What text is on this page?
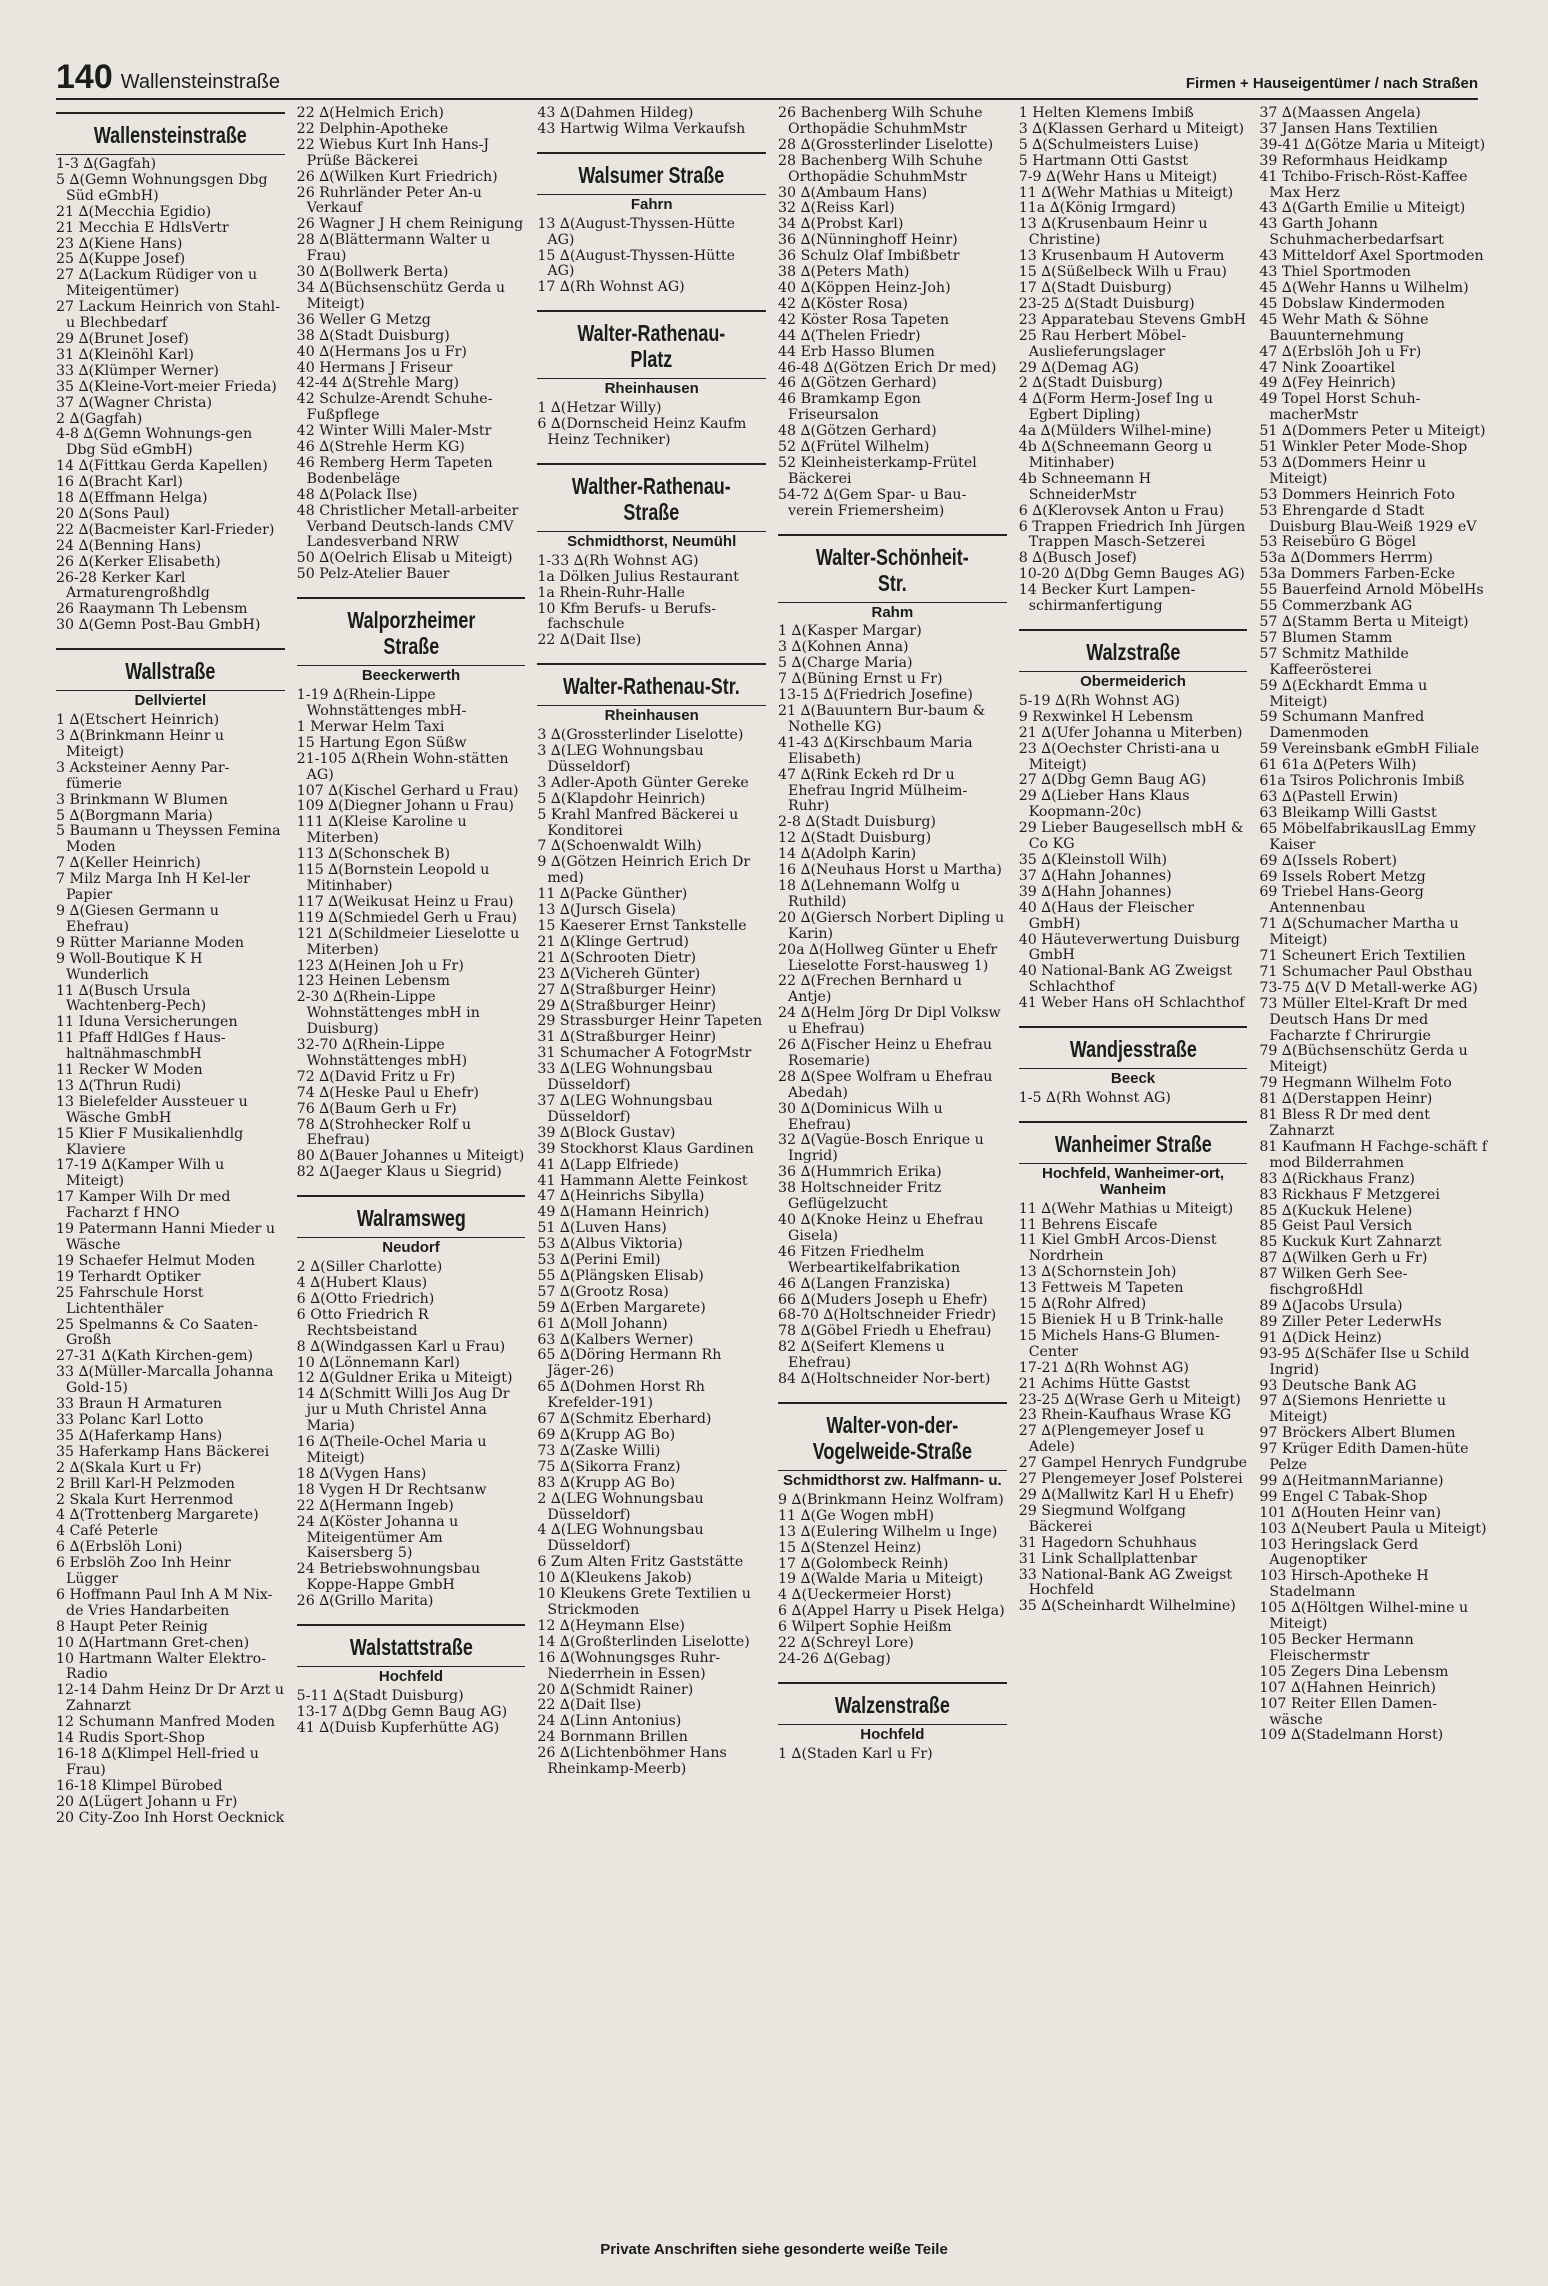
140 Wallensteinstraße	Firmen + Hauseigentümer / nach Straßen
Wallensteinstraße

1-3 ∆(Gagfah)

5 ∆(Gemn Wohnungsgen Dbg Süd eGmbH)

21 ∆(Mecchia Egidio)

21 Mecchia E HdlsVertr

23 ∆(Kiene Hans)

25 ∆(Kuppe Josef)

27 ∆(Lackum Rüdiger von u Miteigentümer)

27 Lackum Heinrich von Stahl- u Blechbedarf

29 ∆(Brunet Josef)

31 ∆(Kleinöhl Karl)

33 ∆(Klümper Werner)

35 ∆(Kleine-Vort-meier Frieda)

37 ∆(Wagner Christa)

2 ∆(Gagfah)

4-8 ∆(Gemn Wohnungs-gen Dbg Süd eGmbH)

14 ∆(Fittkau Gerda Kapellen)

16 ∆(Bracht Karl)

18 ∆(Effmann Helga)

20 ∆(Sons Paul)

22 ∆(Bacmeister Karl-Frieder)

24 ∆(Benning Hans)

26 ∆(Kerker Elisabeth)

26-28 Kerker Karl Armaturengroßhdlg

26 Raaymann Th Lebensm

30 ∆(Gemn Post-Bau GmbH)

Wallstraße
Dellviertel

1 ∆(Etschert Heinrich)

3 ∆(Brinkmann Heinr u Miteigt)

3 Acksteiner Aenny Par-fümerie

3 Brinkmann W Blumen

5 ∆(Borgmann Maria)

5 Baumann u Theyssen Femina Moden

7 ∆(Keller Heinrich)

7 Milz Marga Inh H Kel-ler Papier

9 ∆(Giesen Germann u Ehefrau)

9 Rütter Marianne Moden

9 Woll-Boutique K H Wunderlich

11 ∆(Busch Ursula Wachtenberg-Pech)

11 Iduna Versicherungen

11 Pfaff HdlGes f Haus-haltnähmaschmbH

11 Recker W Moden

13 ∆(Thrun Rudi)

13 Bielefelder Aussteuer u Wäsche GmbH

15 Klier F Musikalienhdlg Klaviere

17-19 ∆(Kamper Wilh u Miteigt)

17 Kamper Wilh Dr med Facharzt f HNO

19 Patermann Hanni Mieder u Wäsche

19 Schaefer Helmut Moden

19 Terhardt Optiker

25 Fahrschule Horst Lichtenthäler

25 Spelmanns & Co Saaten-Großh

27-31 ∆(Kath Kirchen-gem)

33 ∆(Müller-Marcalla Johanna Gold-15)

33 Braun H Armaturen

33 Polanc Karl Lotto

35 ∆(Haferkamp Hans)

35 Haferkamp Hans Bäckerei

2 ∆(Skala Kurt u Fr)

2 Brill Karl-H Pelzmoden

2 Skala Kurt Herrenmod

4 ∆(Trottenberg Margarete)

4 Café Peterle

6 ∆(Erbslöh Loni)

6 Erbslöh Zoo Inh Heinr Lügger

6 Hoffmann Paul Inh A M Nix-de Vries Handarbeiten

8 Haupt Peter Reinig

10 ∆(Hartmann Gret-chen)

10 Hartmann Walter Elektro-Radio

12-14 Dahm Heinz Dr Dr Arzt u Zahnarzt

12 Schumann Manfred Moden

14 Rudis Sport-Shop

16-18 ∆(Klimpel Hell-fried u Frau)

16-18 Klimpel Bürobed

20 ∆(Lügert Johann u Fr)

20 City-Zoo Inh Horst Oecknick

22 ∆(Helmich Erich)

22 Delphin-Apotheke

22 Wiebus Kurt Inh Hans-J Prüße Bäckerei

26 ∆(Wilken Kurt Friedrich)

26 Ruhrländer Peter An-u Verkauf

26 Wagner J H chem Reinigung

28 ∆(Blättermann Walter u Frau)

30 ∆(Bollwerk Berta)

34 ∆(Büchsenschütz Gerda u Miteigt)

36 Weller G Metzg

38 ∆(Stadt Duisburg)

40 ∆(Hermans Jos u Fr)

40 Hermans J Friseur

42-44 ∆(Strehle Marg)

42 Schulze-Arendt Schuhe-Fußpflege

42 Winter Willi Maler-Mstr

46 ∆(Strehle Herm KG)

46 Remberg Herm Tapeten Bodenbeläge

48 ∆(Polack Ilse)

48 Christlicher Metall-arbeiter Verband Deutsch-lands CMV Landesverband NRW

50 ∆(Oelrich Elisab u Miteigt)

50 Pelz-Atelier Bauer

Walporzheimer Straße
Beeckerwerth

1-19 ∆(Rhein-Lippe Wohnstättenges mbH-

1 Merwar Helm Taxi

15 Hartung Egon Süßw

21-105 ∆(Rhein Wohn-stätten AG)

107 ∆(Kischel Gerhard u Frau)

109 ∆(Diegner Johann u Frau)

111 ∆(Kleise Karoline u Miterben)

113 ∆(Schonschek B)

115 ∆(Bornstein Leopold u Mitinhaber)

117 ∆(Weikusat Heinz u Frau)

119 ∆(Schmiedel Gerh u Frau)

121 ∆(Schildmeier Lieselotte u Miterben)

123 ∆(Heinen Joh u Fr)

123 Heinen Lebensm

2-30 ∆(Rhein-Lippe Wohnstättenges mbH in Duisburg)

32-70 ∆(Rhein-Lippe Wohnstättenges mbH)

72 ∆(David Fritz u Fr)

74 ∆(Heske Paul u Ehefr)

76 ∆(Baum Gerh u Fr)

78 ∆(Strohhecker Rolf u Ehefrau)

80 ∆(Bauer Johannes u Miteigt)

82 ∆(Jaeger Klaus u Siegrid)

Walramsweg
Neudorf

2 ∆(Siller Charlotte)

4 ∆(Hubert Klaus)

6 ∆(Otto Friedrich)

6 Otto Friedrich R Rechtsbeistand

8 ∆(Windgassen Karl u Frau)

10 ∆(Lönnemann Karl)

12 ∆(Guldner Erika u Miteigt)

14 ∆(Schmitt Willi Jos Aug Dr jur u Muth Christel Anna Maria)

16 ∆(Theile-Ochel Maria u Miteigt)

18 ∆(Vygen Hans)

18 Vygen H Dr Rechtsanw

22 ∆(Hermann Ingeb)

24 ∆(Köster Johanna u Miteigentümer Am Kaisersberg 5)

24 Betriebswohnungsbau Koppe-Happe GmbH

26 ∆(Grillo Marita)

Walstattstraße
Hochfeld

5-11 ∆(Stadt Duisburg)

13-17 ∆(Dbg Gemn Baug AG)

41 ∆(Duisb Kupferhütte AG)

43 ∆(Dahmen Hildeg)

43 Hartwig Wilma Verkaufsh

Walsumer Straße
Fahrn

13 ∆(August-Thyssen-Hütte AG)

15 ∆(August-Thyssen-Hütte AG)

17 ∆(Rh Wohnst AG)

Walter-Rathenau-Platz
Rheinhausen

1 ∆(Hetzar Willy)

6 ∆(Dornscheid Heinz Kaufm Heinz Techniker)

Walther-Rathenau-Straße
Schmidthorst, Neumühl

1-33 ∆(Rh Wohnst AG)

1a Dölken Julius Restaurant

1a Rhein-Ruhr-Halle

10 Kfm Berufs- u Berufs-fachschule

22 ∆(Dait Ilse)

Walter-Rathenau-Str.
Rheinhausen

3 ∆(Grossterlinder Liselotte)

3 ∆(LEG Wohnungsbau Düsseldorf)

3 Adler-Apoth Günter Gereke

5 ∆(Klapdohr Heinrich)

5 Krahl Manfred Bäckerei u Konditorei

7 ∆(Schoenwaldt Wilh)

9 ∆(Götzen Heinrich Erich Dr med)

11 ∆(Packe Günther)

13 ∆(Jursch Gisela)

15 Kaeserer Ernst Tankstelle

21 ∆(Klinge Gertrud)

21 ∆(Schrooten Dietr)

23 ∆(Vichereh Günter)

27 ∆(Straßburger Heinr)

29 ∆(Straßburger Heinr)

29 Strassburger Heinr Tapeten

31 ∆(Straßburger Heinr)

31 Schumacher A FotogrMstr

33 ∆(LEG Wohnungsbau Düsseldorf)

37 ∆(LEG Wohnungsbau Düsseldorf)

39 ∆(Block Gustav)

39 Stockhorst Klaus Gardinen

41 ∆(Lapp Elfriede)

41 Hammann Alette Feinkost

47 ∆(Heinrichs Sibylla)

49 ∆(Hamann Heinrich)

51 ∆(Luven Hans)

53 ∆(Albus Viktoria)

53 ∆(Perini Emil)

55 ∆(Plängsken Elisab)

57 ∆(Grootz Rosa)

59 ∆(Erben Margarete)

61 ∆(Moll Johann)

63 ∆(Kalbers Werner)

65 ∆(Döring Hermann Rh Jäger-26)

65 ∆(Dohmen Horst Rh Krefelder-191)

67 ∆(Schmitz Eberhard)

69 ∆(Krupp AG Bo)

73 ∆(Zaske Willi)

75 ∆(Sikorra Franz)

83 ∆(Krupp AG Bo)

2 ∆(LEG Wohnungsbau Düsseldorf)

4 ∆(LEG Wohnungsbau Düsseldorf)

6 Zum Alten Fritz Gaststätte

10 ∆(Kleukens Jakob)

10 Kleukens Grete Textilien u Strickmoden

12 ∆(Heymann Else)

14 ∆(Großterlinden Liselotte)

16 ∆(Wohnungsges Ruhr-Niederrhein in Essen)

20 ∆(Schmidt Rainer)

22 ∆(Dait Ilse)

24 ∆(Linn Antonius)

24 Bornmann Brillen

26 ∆(Lichtenböhmer Hans Rheinkamp-Meerb)

26 Bachenberg Wilh Schuhe Orthopädie SchuhmMstr

28 ∆(Grossterlinder Liselotte)

28 Bachenberg Wilh Schuhe Orthopädie SchuhmMstr

30 ∆(Ambaum Hans)

32 ∆(Reiss Karl)

34 ∆(Probst Karl)

36 ∆(Nünninghoff Heinr)

36 Schulz Olaf Imbißbetr

38 ∆(Peters Math)

40 ∆(Köppen Heinz-Joh)

42 ∆(Köster Rosa)

42 Köster Rosa Tapeten

44 ∆(Thelen Friedr)

44 Erb Hasso Blumen

46-48 ∆(Götzen Erich Dr med)

46 ∆(Götzen Gerhard)

46 Bramkamp Egon Friseursalon

48 ∆(Götzen Gerhard)

52 ∆(Frütel Wilhelm)

52 Kleinheisterkamp-Frütel Bäckerei

54-72 ∆(Gem Spar- u Bau-verein Friemersheim)

Walter-Schönheit-Str.
Rahm

1 ∆(Kasper Margar)

3 ∆(Kohnen Anna)

5 ∆(Charge Maria)

7 ∆(Büning Ernst u Fr)

13-15 ∆(Friedrich Josefine)

21 ∆(Bauuntern Bur-baum & Nothelle KG)

41-43 ∆(Kirschbaum Maria Elisabeth)

47 ∆(Rink Eckeh rd Dr u Ehefrau Ingrid Mülheim-Ruhr)

2-8 ∆(Stadt Duisburg)

12 ∆(Stadt Duisburg)

14 ∆(Adolph Karin)

16 ∆(Neuhaus Horst u Martha)

18 ∆(Lehnemann Wolfg u Ruthild)

20 ∆(Giersch Norbert Dipling u Karin)

20a ∆(Hollweg Günter u Ehefr Lieselotte Forst-hausweg 1)

22 ∆(Frechen Bernhard u Antje)

24 ∆(Helm Jörg Dr Dipl Volksw u Ehefrau)

26 ∆(Fischer Heinz u Ehefrau Rosemarie)

28 ∆(Spee Wolfram u Ehefrau Abedah)

30 ∆(Dominicus Wilh u Ehefrau)

32 ∆(Vagüe-Bosch Enrique u Ingrid)

36 ∆(Hummrich Erika)

38 Holtschneider Fritz Geflügelzucht

40 ∆(Knoke Heinz u Ehefrau Gisela)

46 Fitzen Friedhelm Werbeartikelfabrikation

46 ∆(Langen Franziska)

66 ∆(Muders Joseph u Ehefr)

68-70 ∆(Holtschneider Friedr)

78 ∆(Göbel Friedh u Ehefrau)

82 ∆(Seifert Klemens u Ehefrau)

84 ∆(Holtschneider Nor-bert)

Walter-von-der-Vogelweide-Straße
Schmidthorst zw. Halfmann- u.

9 ∆(Brinkmann Heinz Wolfram)

11 ∆(Ge Wogen mbH)

13 ∆(Eulering Wilhelm u Inge)

15 ∆(Stenzel Heinz)

17 ∆(Golombeck Reinh)

19 ∆(Walde Maria u Miteigt)

4 ∆(Ueckermeier Horst)

6 ∆(Appel Harry u Pisek Helga)

6 Wilpert Sophie Heißm

22 ∆(Schreyl Lore)

24-26 ∆(Gebag)

Walzenstraße
Hochfeld

1 ∆(Staden Karl u Fr)

1 Helten Klemens Imbiß

3 ∆(Klassen Gerhard u Miteigt)

5 ∆(Schulmeisters Luise)

5 Hartmann Otti Gastst

7-9 ∆(Wehr Hans u Miteigt)

11 ∆(Wehr Mathias u Miteigt)

11a ∆(König Irmgard)

13 ∆(Krusenbaum Heinr u Christine)

13 Krusenbaum H Autoverm

15 ∆(Süßelbeck Wilh u Frau)

17 ∆(Stadt Duisburg)

23-25 ∆(Stadt Duisburg)

23 Apparatebau Stevens GmbH

25 Rau Herbert Möbel-Auslieferungslager

29 ∆(Demag AG)

2 ∆(Stadt Duisburg)

4 ∆(Form Herm-Josef Ing u Egbert Dipling)

4a ∆(Mülders Wilhel-mine)

4b ∆(Schneemann Georg u Mitinhaber)

4b Schneemann H SchneiderMstr

6 ∆(Klerovsek Anton u Frau)

6 Trappen Friedrich Inh Jürgen Trappen Masch-Setzerei

8 ∆(Busch Josef)

10-20 ∆(Dbg Gemn Bauges AG)

14 Becker Kurt Lampen-schirmanfertigung

Walzstraße
Obermeiderich

5-19 ∆(Rh Wohnst AG)

9 Rexwinkel H Lebensm

21 ∆(Ufer Johanna u Miterben)

23 ∆(Oechster Christi-ana u Miteigt)

27 ∆(Dbg Gemn Baug AG)

29 ∆(Lieber Hans Klaus Koopmann-20c)

29 Lieber Baugesellsch mbH & Co KG

35 ∆(Kleinstoll Wilh)

37 ∆(Hahn Johannes)

39 ∆(Hahn Johannes)

40 ∆(Haus der Fleischer GmbH)

40 Häuteverwertung Duisburg GmbH

40 National-Bank AG Zweigst Schlachthof

41 Weber Hans oH Schlachthof

Wandjesstraße
Beeck

1-5 ∆(Rh Wohnst AG)

Wanheimer Straße
Hochfeld, Wanheimer-ort, Wanheim

11 ∆(Wehr Mathias u Miteigt)

11 Behrens Eiscafe

11 Kiel GmbH Arcos-Dienst Nordrhein

13 ∆(Schornstein Joh)

13 Fettweis M Tapeten

15 ∆(Rohr Alfred)

15 Bieniek H u B Trink-halle

15 Michels Hans-G Blumen-Center

17-21 ∆(Rh Wohnst AG)

21 Achims Hütte Gastst

23-25 ∆(Wrase Gerh u Miteigt)

23 Rhein-Kaufhaus Wrase KG

27 ∆(Plengemeyer Josef u Adele)

27 Gampel Henrych Fundgrube

27 Plengemeyer Josef Polsterei

29 ∆(Mallwitz Karl H u Ehefr)

29 Siegmund Wolfgang Bäckerei

31 Hagedorn Schuhhaus

31 Link Schallplattenbar

33 National-Bank AG Zweigst Hochfeld

35 ∆(Scheinhardt Wilhelmine)

37 ∆(Maassen Angela)

37 Jansen Hans Textilien

39-41 ∆(Götze Maria u Miteigt)

39 Reformhaus Heidkamp

41 Tchibo-Frisch-Röst-Kaffee Max Herz

43 ∆(Garth Emilie u Miteigt)

43 Garth Johann Schuhmacherbedarfsart

43 Mitteldorf Axel Sportmoden

43 Thiel Sportmoden

45 ∆(Wehr Hanns u Wilhelm)

45 Dobslaw Kindermoden

45 Wehr Math & Söhne Bauunternehmung

47 ∆(Erbslöh Joh u Fr)

47 Nink Zooartikel

49 ∆(Fey Heinrich)

49 Topel Horst Schuh-macherMstr

51 ∆(Dommers Peter u Miteigt)

51 Winkler Peter Mode-Shop

53 ∆(Dommers Heinr u Miteigt)

53 Dommers Heinrich Foto

53 Ehrengarde d Stadt Duisburg Blau-Weiß 1929 eV

53 Reisebüro G Bögel

53a ∆(Dommers Herrm)

53a Dommers Farben-Ecke

55 Bauerfeind Arnold MöbelHs

55 Commerzbank AG

57 ∆(Stamm Berta u Miteigt)

57 Blumen Stamm

57 Schmitz Mathilde Kaffeerösterei

59 ∆(Eckhardt Emma u Miteigt)

59 Schumann Manfred Damenmoden

59 Vereinsbank eGmbH Filiale

61 61a ∆(Peters Wilh)

61a Tsiros Polichronis Imbiß

63 ∆(Pastell Erwin)

63 Bleikamp Willi Gastst

65 MöbelfabrikauslLag Emmy Kaiser

69 ∆(Issels Robert)

69 Issels Robert Metzg

69 Triebel Hans-Georg Antennenbau

71 ∆(Schumacher Martha u Miteigt)

71 Scheunert Erich Textilien

71 Schumacher Paul Obsthau

73-75 ∆(V D Metall-werke AG)

73 Müller Eltel-Kraft Dr med Deutsch Hans Dr med Facharzte f Chrirurgie

79 ∆(Büchsenschütz Gerda u Miteigt)

79 Hegmann Wilhelm Foto

81 ∆(Derstappen Heinr)

81 Bless R Dr med dent Zahnarzt

81 Kaufmann H Fachge-schäft f mod Bilderrahmen

83 ∆(Rickhaus Franz)

83 Rickhaus F Metzgerei

85 ∆(Kuckuk Helene)

85 Geist Paul Versich

85 Kuckuk Kurt Zahnarzt

87 ∆(Wilken Gerh u Fr)

87 Wilken Gerh See-fischgroßHdl

89 ∆(Jacobs Ursula)

89 Ziller Peter LederwHs

91 ∆(Dick Heinz)

93-95 ∆(Schäfer Ilse u Schild Ingrid)

93 Deutsche Bank AG

97 ∆(Siemons Henriette u Miteigt)

97 Bröckers Albert Blumen

97 Krüger Edith Damen-hüte Pelze

99 ∆(HeitmannMarianne)

99 Engel C Tabak-Shop

101 ∆(Houten Heinr van)

103 ∆(Neubert Paula u Miteigt)

103 Heringslack Gerd Augenoptiker

103 Hirsch-Apotheke H Stadelmann

105 ∆(Höltgen Wilhel-mine u Miteigt)

105 Becker Hermann Fleischermstr

105 Zegers Dina Lebensm

107 ∆(Hahnen Heinrich)

107 Reiter Ellen Damen-wäsche

109 ∆(Stadelmann Horst)

Private Anschriften siehe gesonderte weiße Teile
